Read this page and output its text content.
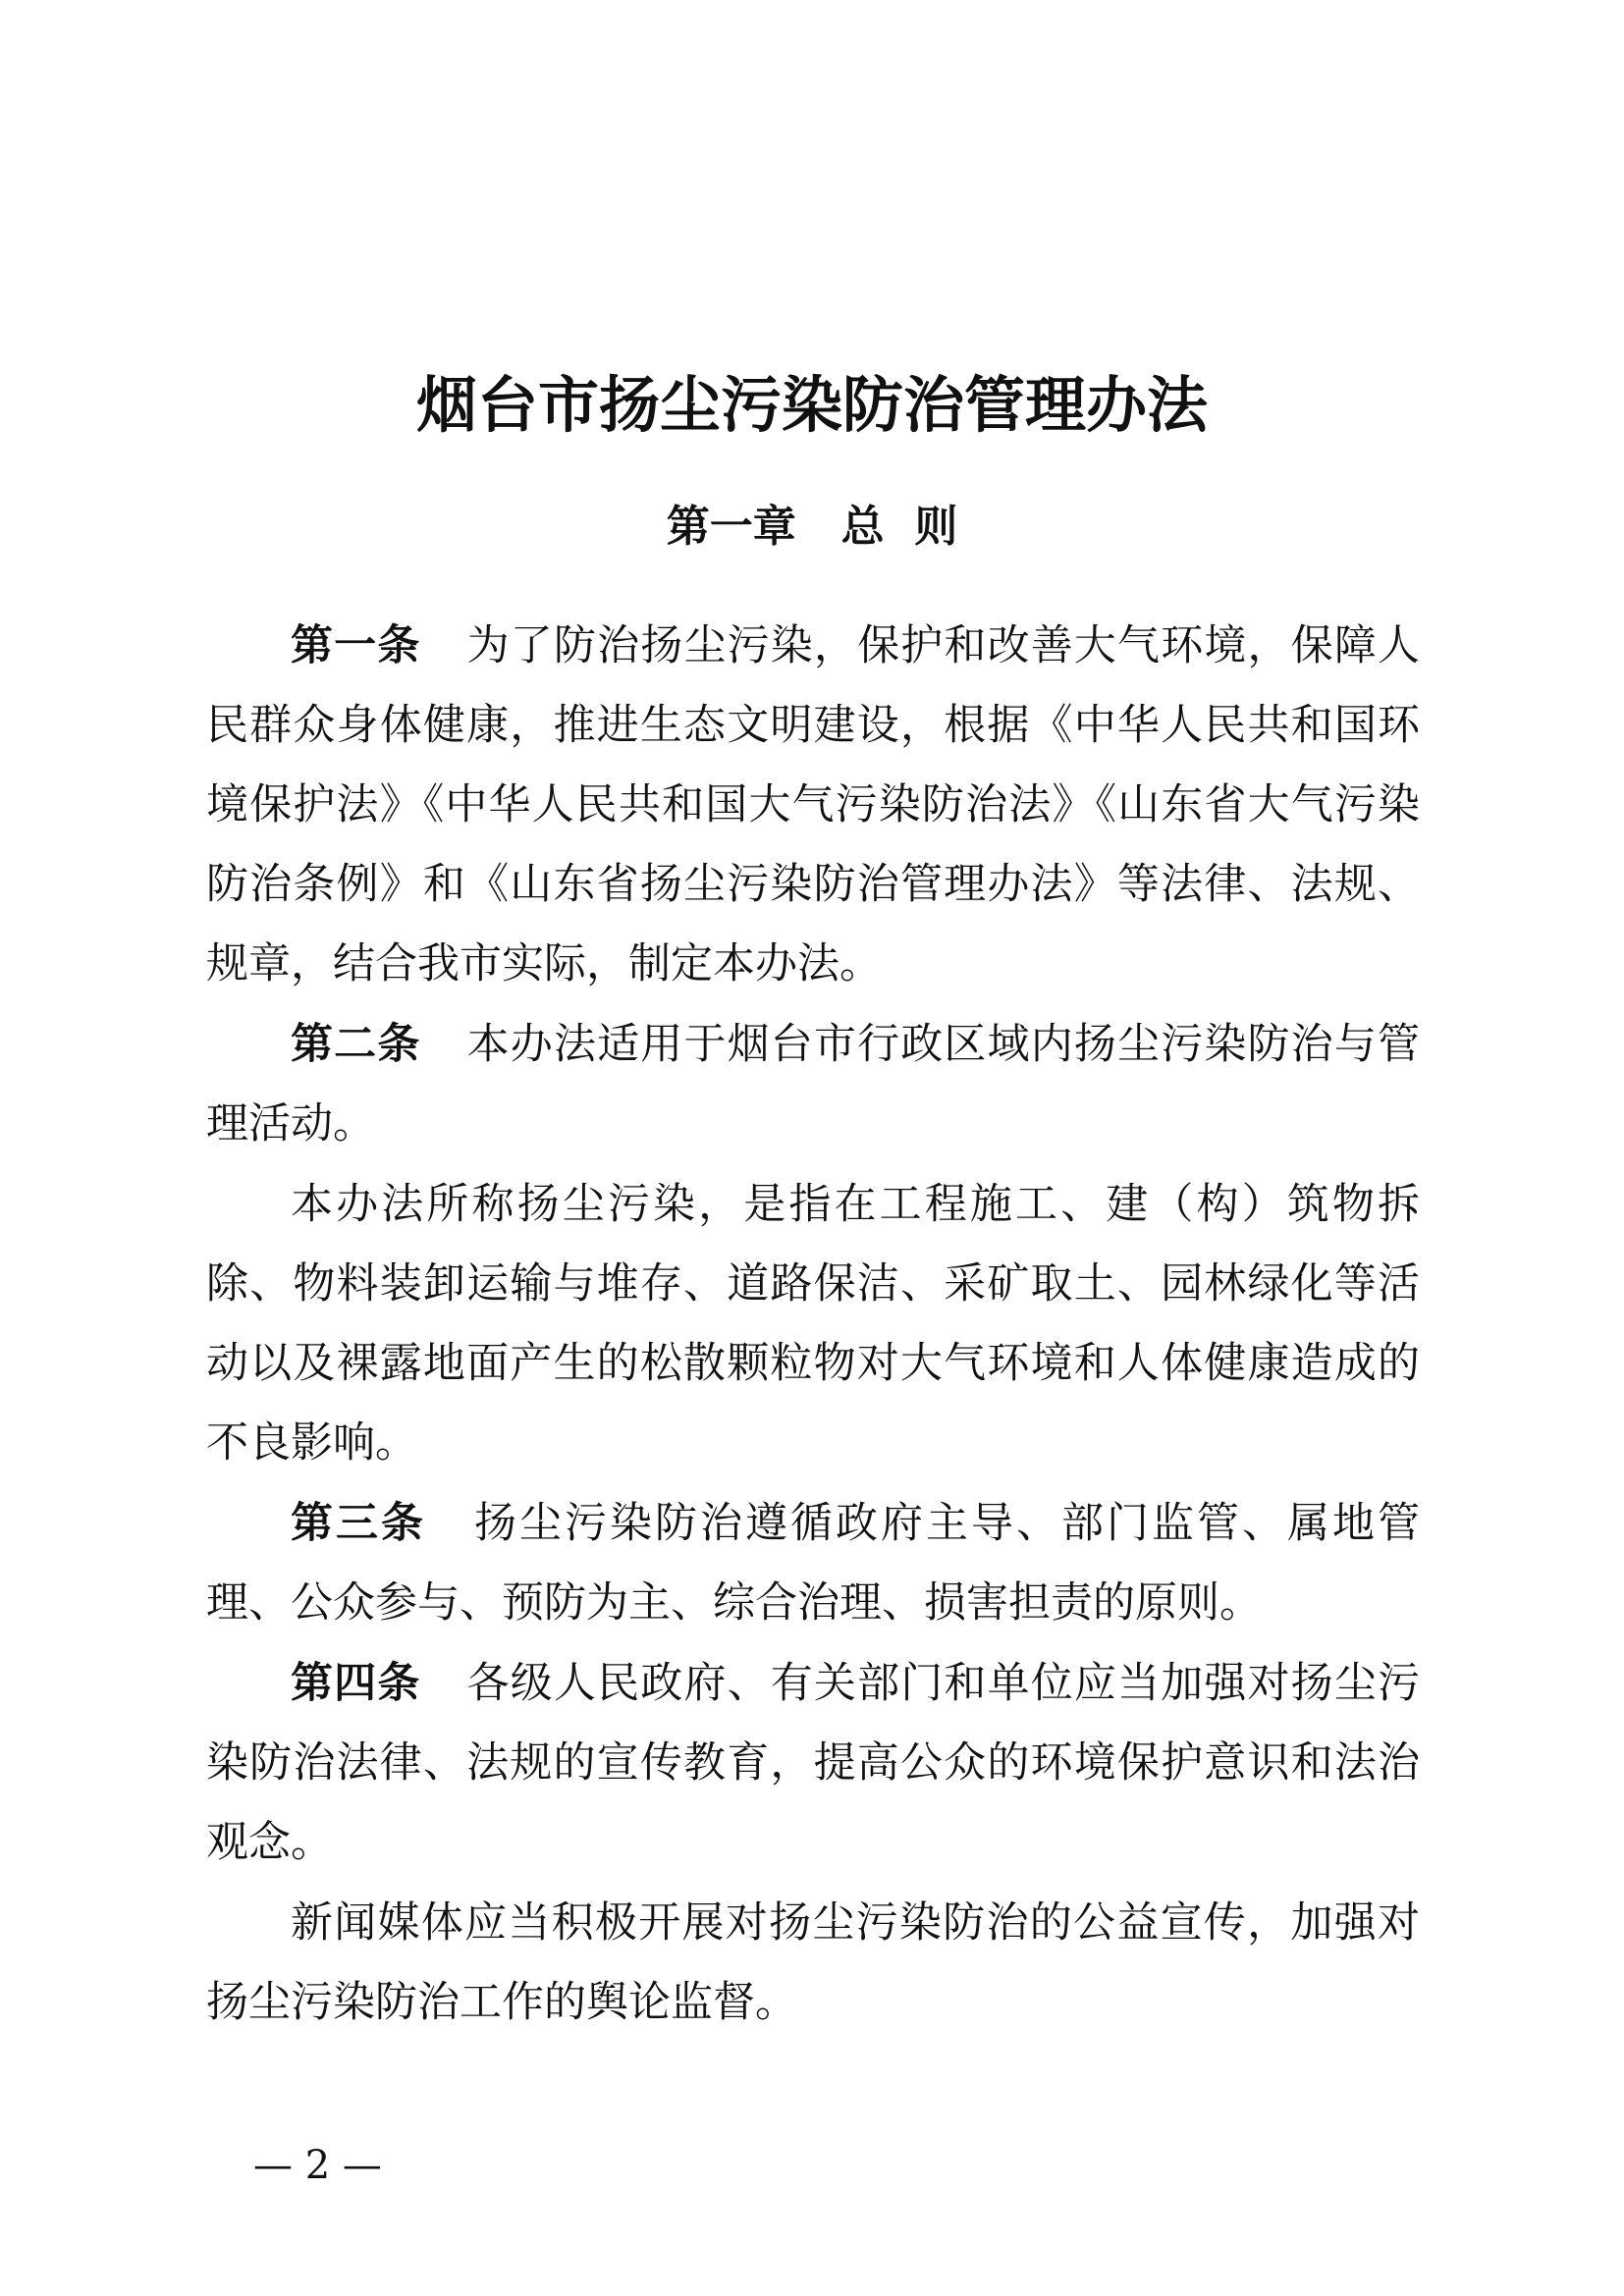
烟台市扬尘污染防治管理办法
第一章   总  则

第一条 为了防治扬尘污染，保护和改善大气环境，保障人民群众身体健康，推进生态文明建设，根据《中华人民共和国环境保护法》《中华人民共和国大气污染防治法》《山东省大气污染防治条例》和《山东省扬尘污染防治管理办法》等法律、法规、规章，结合我市实际，制定本办法。

第二条 本办法适用于烟台市行政区域内扬尘污染防治与管理活动。

本办法所称扬尘污染，是指在工程施工、建（构）筑物拆除、物料装卸运输与堆存、道路保洁、采矿取土、园林绿化等活动以及裸露地面产生的松散颗粒物对大气环境和人体健康造成的不良影响。

第三条 扬尘污染防治遵循政府主导、部门监管、属地管理、公众参与、预防为主、综合治理、损害担责的原则。

第四条 各级人民政府、有关部门和单位应当加强对扬尘污染防治法律、法规的宣传教育，提高公众的环境保护意识和法治观念。

新闻媒体应当积极开展对扬尘污染防治的公益宣传，加强对扬尘污染防治工作的舆论监督。

— 2 —
